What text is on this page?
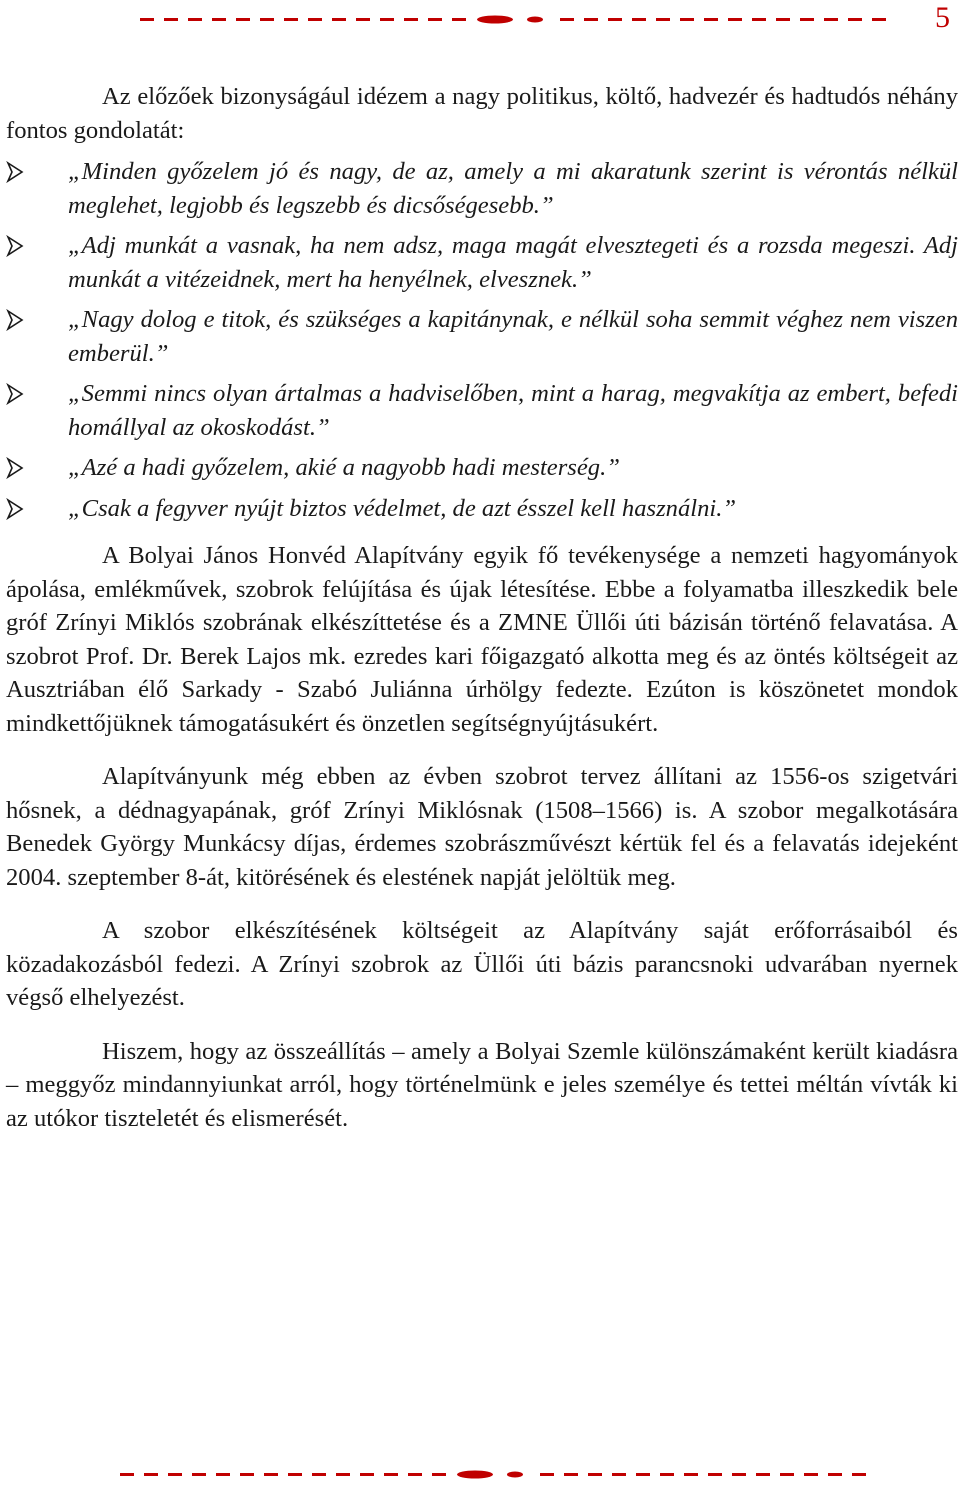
5

Az előzőek bizonyságául idézem a nagy politikus, költő, hadvezér és hadtudós néhány fontos gondolatát:

„Minden győzelem jó és nagy, de az, amely a mi akaratunk szerint is vérontás nélkül meglehet, legjobb és legszebb és dicsőségesebb.”
„Adj munkát a vasnak, ha nem adsz, maga magát elvesztegeti és a rozsda megeszi. Adj munkát a vitézeidnek, mert ha henyélnek, elvesznek.”
„Nagy dolog e titok, és szükséges a kapitánynak, e nélkül soha semmit véghez nem viszen emberül.”
„Semmi nincs olyan ártalmas a hadviselőben, mint a harag, megvakítja az embert, befedi homállyal az okoskodást.”
„Azé a hadi győzelem, akié a nagyobb hadi mesterség.”
„Csak a fegyver nyújt biztos védelmet, de azt ésszel kell használni.”

A Bolyai János Honvéd Alapítvány egyik fő tevékenysége a nemzeti hagyományok ápolása, emlékművek, szobrok felújítása és újak létesítése. Ebbe a folyamatba illeszkedik bele gróf Zrínyi Miklós szobrának elkészíttetése és a ZMNE Üllői úti bázisán történő felavatása. A szobrot Prof. Dr. Berek Lajos mk. ezredes kari főigazgató alkotta meg és az öntés költségeit az Ausztriában élő Sarkady - Szabó Juliánna úrhölgy fedezte. Ezúton is köszönetet mondok mindkettőjüknek támogatásukért és önzetlen segítségnyújtásukért.

Alapítványunk még ebben az évben szobrot tervez állítani az 1556-os szigetvári hősnek, a dédnagyapának, gróf Zrínyi Miklósnak (1508–1566) is. A szobor megalkotására Benedek György Munkácsy díjas, érdemes szobrászművészt kértük fel és a felavatás idejeként 2004. szeptember 8-át, kitörésének és elestének napját jelöltük meg.

A szobor elkészítésének költségeit az Alapítvány saját erőforrásaiból és közadakozásból fedezi. A Zrínyi szobrok az Üllői úti bázis parancsnoki udvarában nyernek végső elhelyezést.

Hiszem, hogy az összeállítás – amely a Bolyai Szemle különszámaként került kiadásra – meggyőz mindannyiunkat arról, hogy történelmünk e jeles személye és tettei méltán vívták ki az utókor tiszteletét és elismerését.
